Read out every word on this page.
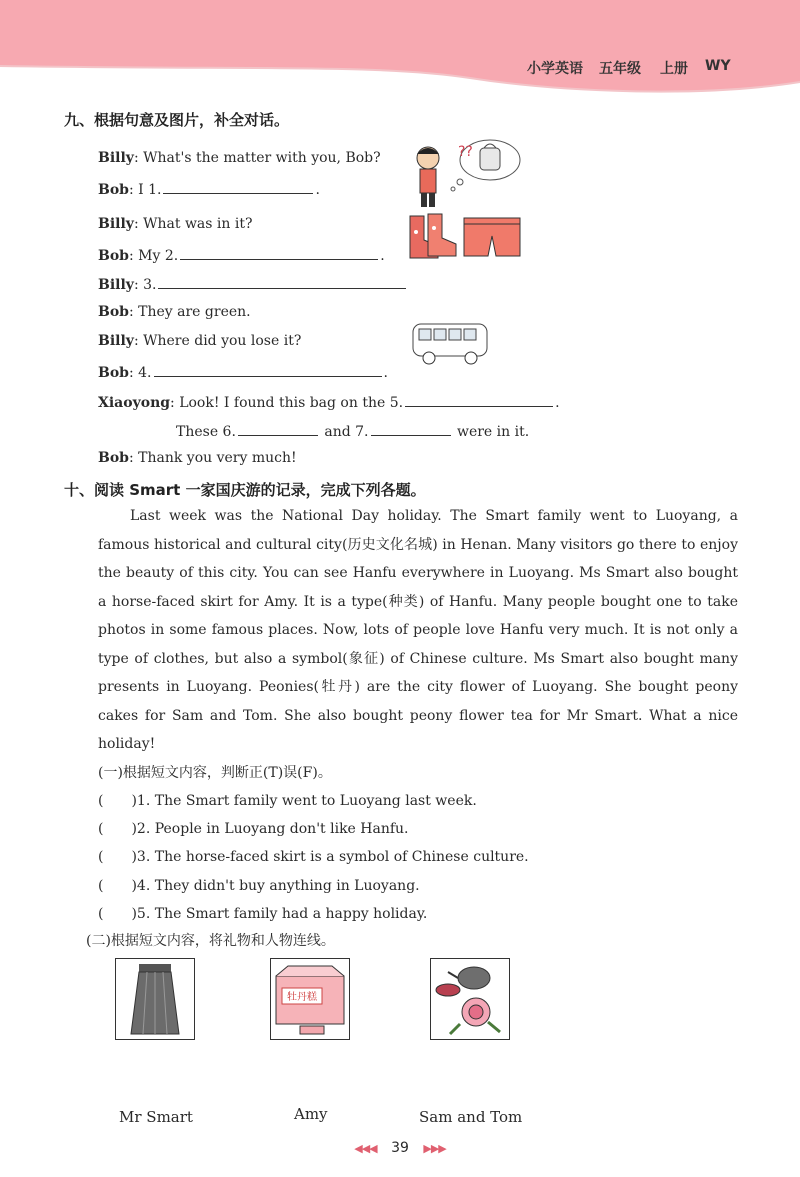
小学英语 五年级 上册 WY
九、根据句意及图片，补全对话。
Billy: What's the matter with you, Bob?
Bob: I 1.	.
Billy: What was in it?
Bob: My 2.	.
Billy: 3.
Bob: They are green.
Billy: Where did you lose it?
Bob: 4.	.
Xiaoyong: Look! I found this bag on the 5.	.
These 6.	and 7.	were in it.
Bob: Thank you very much!
??
十、阅读 Smart 一家国庆游的记录，完成下列各题。
Last week was the National Day holiday. The Smart family went to Luoyang, a famous historical and cultural city(历史文化名城) in Henan. Many visitors go there to enjoy the beauty of this city. You can see Hanfu everywhere in Luoyang. Ms Smart also bought a horse-faced skirt for Amy. It is a type(种类) of Hanfu. Many people bought one to take photos in some famous places. Now, lots of people love Hanfu very much. It is not only a type of clothes, but also a symbol(象征) of Chinese culture. Ms Smart also bought many presents in Luoyang. Peonies(牡丹) are the city flower of Luoyang. She bought peony cakes for Sam and Tom. She also bought peony flower tea for Mr Smart. What a nice holiday!
(一)根据短文内容，判断正(T)误(F)。
(　　)1. The Smart family went to Luoyang last week.
(　　)2. People in Luoyang don't like Hanfu.
(　　)3. The horse-faced skirt is a symbol of Chinese culture.
(　　)4. They didn't buy anything in Luoyang.
(　　)5. The Smart family had a happy holiday.
(二)根据短文内容，将礼物和人物连线。
牡丹糕
Mr Smart	Amy	Sam and Tom
◀◀◀ 39 ▶▶▶
